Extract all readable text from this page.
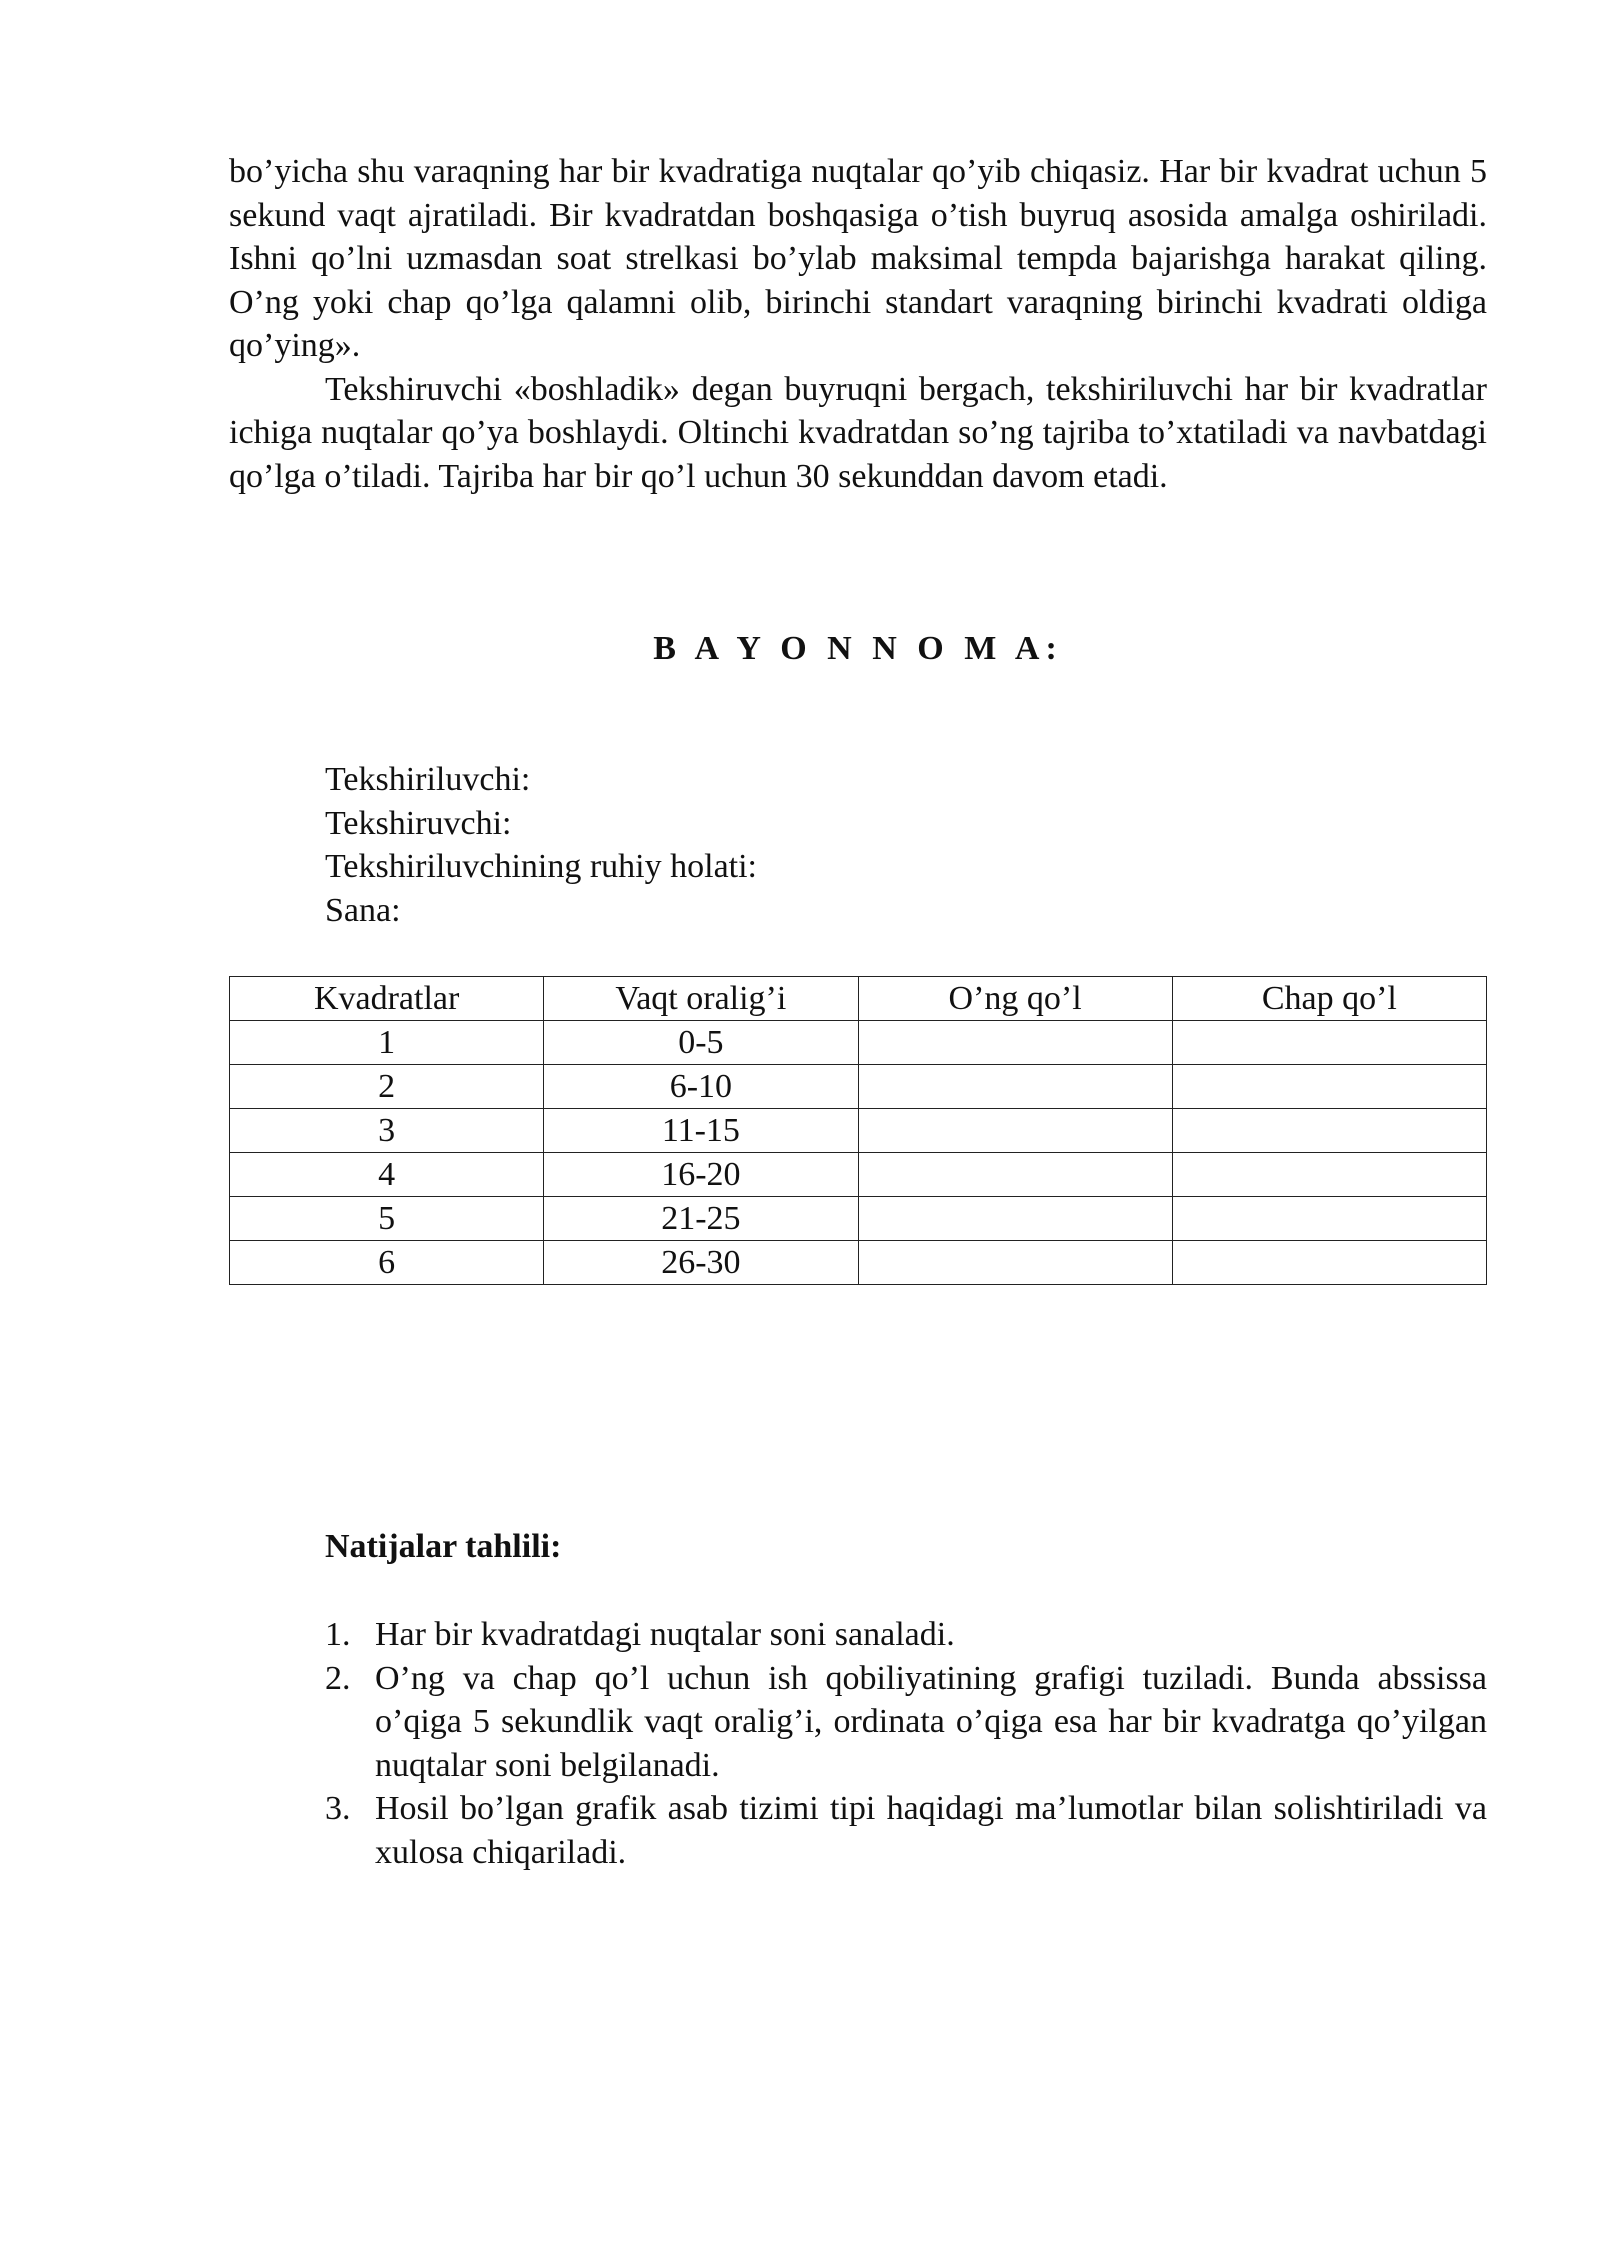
bo’yicha shu varaqning har bir kvadratiga nuqtalar qo’yib chiqasiz. Har bir kvadrat uchun 5 sekund vaqt ajratiladi. Bir kvadratdan boshqasiga o’tish buyruq asosida amalga oshiriladi. Ishni qo’lni uzmasdan soat strelkasi bo’ylab maksimal tempda bajarishga harakat qiling. O’ng yoki chap qo’lga qalamni olib, birinchi standart varaqning birinchi kvadrati oldiga qo’ying».

Tekshiruvchi «boshladik» degan buyruqni bergach, tekshiriluvchi har bir kvadratlar ichiga nuqtalar qo’ya boshlaydi. Oltinchi kvadratdan so’ng tajriba to’xtatiladi va navbatdagi qo’lga o’tiladi. Tajriba har bir qo’l uchun 30 sekunddan davom etadi.

B A Y O N N O M A:
Tekshiriluvchi:
Tekshiruvchi:
Tekshiriluvchining ruhiy holati:
Sana:
Kvadratlar	Vaqt oralig’i	O’ng qo’l	Chap qo’l
1	0-5		
2	6-10		
3	11-15		
4	16-20		
5	21-25		
6	26-30		
Natijalar tahlili:
1. Har bir kvadratdagi nuqtalar soni sanaladi.
2. O’ng va chap qo’l uchun ish qobiliyatining grafigi tuziladi. Bunda abssissa o’qiga 5 sekundlik vaqt oralig’i, ordinata o’qiga esa har bir kvadratga qo’yilgan nuqtalar soni belgilanadi.
3. Hosil bo’lgan grafik asab tizimi tipi haqidagi ma’lumotlar bilan solishtiriladi va xulosa chiqariladi.
